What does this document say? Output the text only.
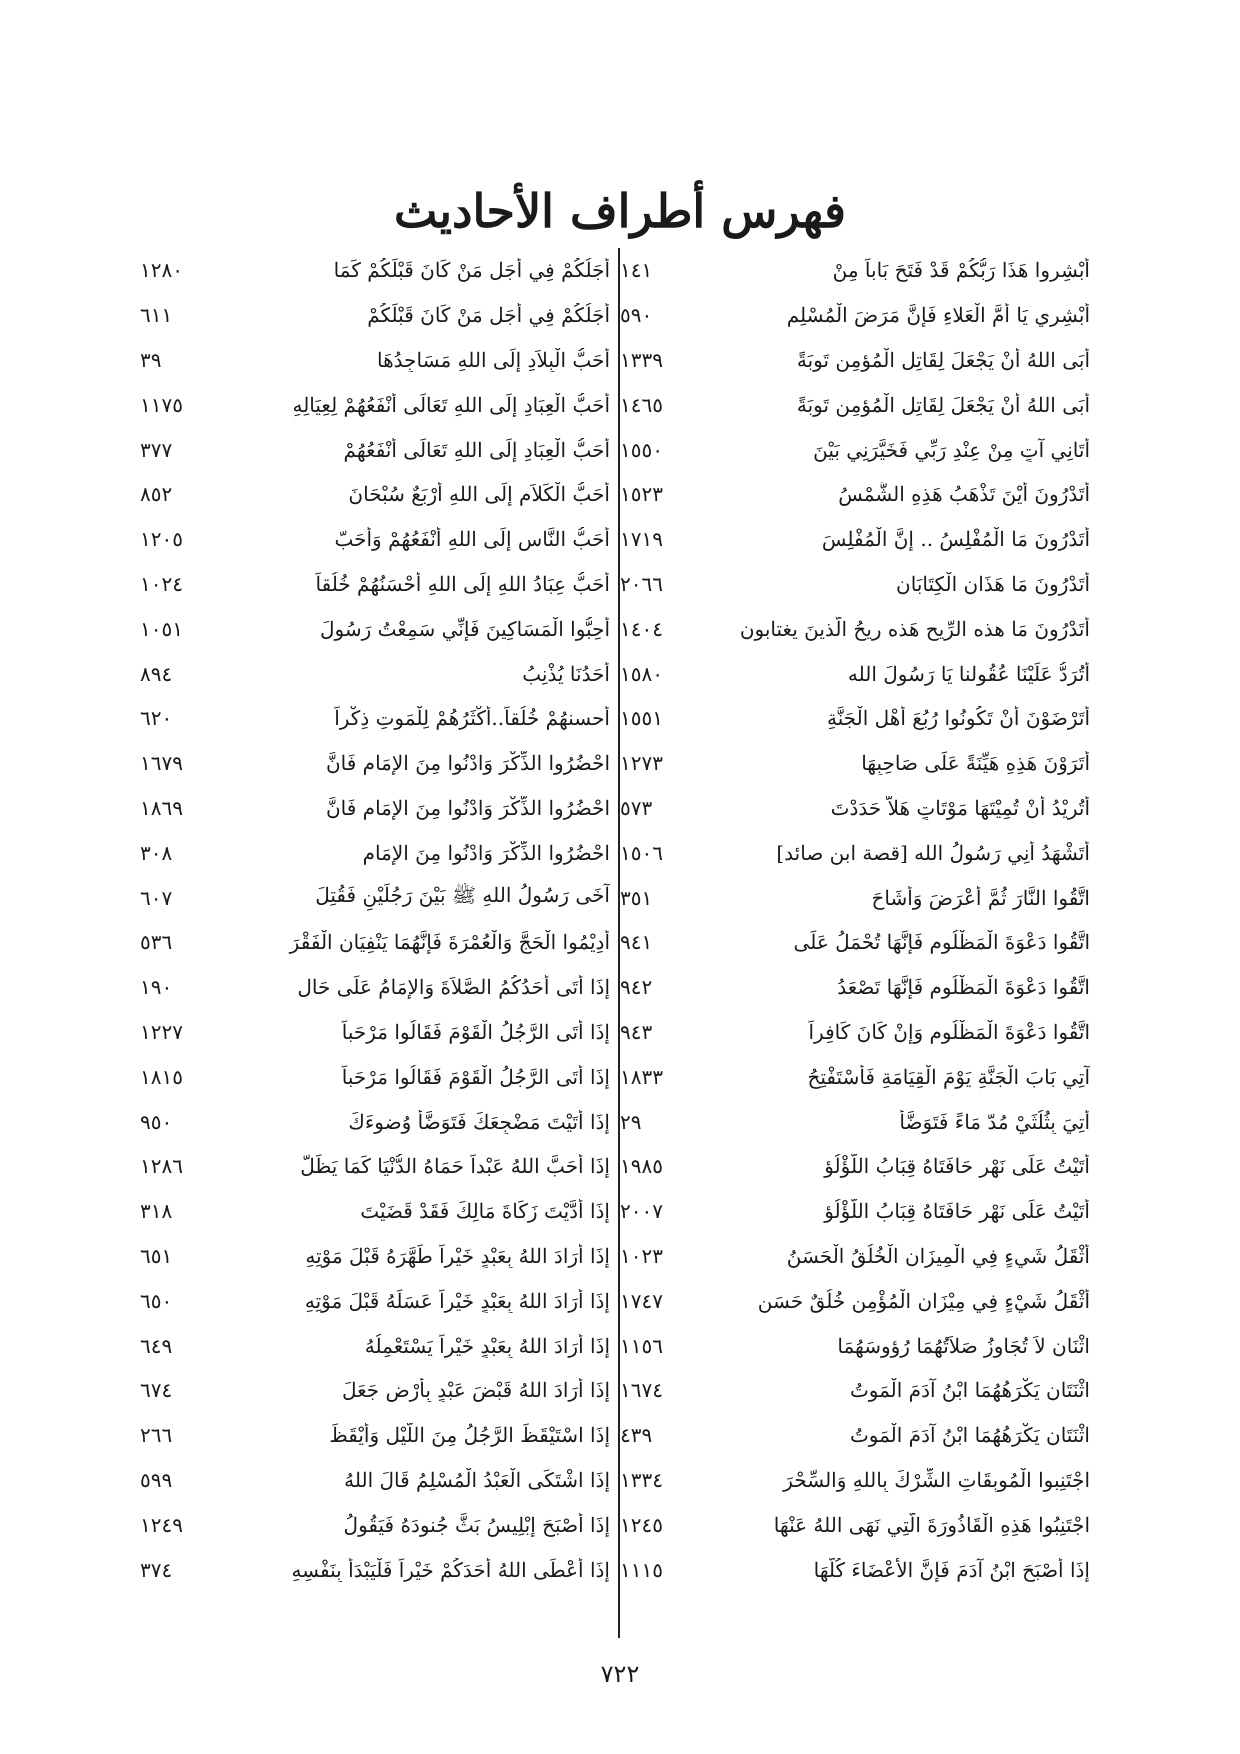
فهرس أطراف الأحاديث
أَبْشِروا هَذَا رَبُّكُمْ قَدْ فَتَحَ بَاباً مِنْ
١٤١
أَبْشِري يَا أُمَّ الْعَلاءِ فَإِنَّ مَرَضَ الْمُسْلِمِ
٥٩٠
أَبَى اللهُ أَنْ يَجْعَلَ لِقَاتِلِ الْمُؤمِنِ تَوبَةً
١٣٣٩
أَبَى اللهُ أَنْ يَجْعَلَ لِقَاتِلِ الْمُؤمِنِ تَوبَةً
١٤٦٥
أَتَانِي آتٍ مِنْ عِنْدِ رَبِّي فَخَيَّرَنِي بَيْنَ
١٥٥٠
أَتَدْرُونَ أَيْنَ تَذْهَبُ هَذِهِ الشَّمْسُ
١٥٢٣
أَتَدْرُونَ مَا الْمُفْلِسُ .. إِنَّ الْمُفْلِسَ
١٧١٩
أَتَدْرُونَ مَا هَذَانِ الْكِتَابَانِ
٢٠٦٦
أَتَدْرُونَ مَا هذه الرِّيح هَذه ريحُ الَّذينَ يغتابون
١٤٠٤
أَتُرَدُّ عَلَيْنَا عُقُولنا يَا رَسُولَ الله
١٥٨٠
أَتَرْضَوْنَ أَنْ تَكُونُوا رُبُعَ أَهْلِ الْجَنَّةِ
١٥٥١
أَتَرَوْنَ هَذِهِ هَيِّنَةً عَلَى صَاحِبِهَا
١٢٧٣
أَتُرِيْدُ أَنْ تُمِيْتَهَا مَوْتَاتٍ هَلاَّ حَدَدْتَ
٥٧٣
أَتَشْهَدُ أَنِي رَسُولُ الله [قصة ابن صائد]
١٥٠٦
اتَّقُوا النَّارَ ثُمَّ أَعْرَضَ وَأَشَاحَ
٣٥١
اتَّقُوا دَعْوَةَ الْمَظْلُومِ فَإِنَّهَا تُحْمَلُ عَلَى
٩٤١
اتَّقُوا دَعْوَةَ الْمَظْلُومِ فَإِنَّهَا تَصْعَدُ
٩٤٢
اتَّقُوا دَعْوَةَ الْمَظْلُومِ وَإِنْ كَانَ كَافِراً
٩٤٣
آتِي بَابَ الْجَنَّةِ يَوْمَ الْقِيَامَةِ فَأَسْتَفْتِحُ
١٨٣٣
أُتِيَ بِثُلُثَيْ مُدّ مَاءً فَتَوَضَّأَ
٢٩
أَتَيْتُ عَلَى نَهْرٍ حَافَتَاهُ قِبَابُ اللُّؤْلُؤِ
١٩٨٥
أَتَيْتُ عَلَى نَهْرٍ حَافَتَاهُ قِبَابُ اللُّؤْلُؤِ
٢٠٠٧
أَثْقَلُ شَيءٍ فِي الْمِيزَانِ الْخُلُقُ الْحَسَنُ
١٠٢٣
أَثْقَلُ شَيْءٍ فِي مِيْزَانِ الْمُؤْمِنِ خُلُقٌ حَسَن
١٧٤٧
اثْنَانِ لاَ تُجَاوِزُ صَلاَتُهُمَا رُؤوسَهُمَا
١١٥٦
اثْنَتَانِ يَكْرَهُهُمَا ابْنُ آدَمَ الْمَوتُ
١٦٧٤
اثْنَتَانِ يَكْرَهُهُمَا ابْنُ آدَمَ الْمَوتُ
٤٣٩
اجْتَنِبوا الْمُوبِقَاتِ الشِّرْكَ بِاللهِ وَالسِّحْرَ
١٣٣٤
اجْتَنِبُوا هَذِهِ الْقَاذُورَةَ الَّتِي نَهَى اللهُ عَنْهَا
١٢٤٥
إِذَا أَصْبَحَ ابْنُ آدَمَ فَإِنَّ الأَعْضَاءَ كُلَّهَا
١١١٥
أَجَلُكُمْ فِي أَجَلِ مَنْ كَانَ قَبْلَكُمْ كَمَا
١٢٨٠
أَجَلُكُمْ فِي أَجَلِ مَنْ كَانَ قَبْلَكُمْ
٦١١
أَحَبُّ الْبِلاَدِ إِلَى اللهِ مَسَاجِدُهَا
٣٩
أَحَبُّ الْعِبَادِ إِلَى اللهِ تَعَالَى أَنْفَعُهُمْ لِعِيَالِهِ
١١٧٥
أَحَبُّ الْعِبَادِ إِلَى اللهِ تَعَالَى أَنْفَعُهُمْ
٣٧٧
أَحَبُّ الْكَلاَمِ إِلَى اللهِ أَرْبَعٌ سُبْحَانَ
٨٥٢
أَحَبُّ النَّاسِ إِلَى اللهِ أَنْفَعُهُمْ وَأَحَبّ
١٢٠٥
أَحَبُّ عِبَادُ اللهِ إِلَى اللهِ أَحْسَنُهُمْ خُلُقاً
١٠٢٤
أَحِبُّوا الْمَسَاكِينَ فَإِنِّي سَمِعْتُ رَسُولَ
١٠٥١
أَحَدُنَا يُذْنِبُ
٨٩٤
أَحسنهُمْ خُلُقاً..أَكْثَرُهُمْ لِلْمَوتِ ذِكْراً
٦٢٠
احْضُرُوا الذِّكْرَ وَادْنُوا مِنَ الإِمَامِ فَانَّ
١٦٧٩
احْضُرُوا الذِّكْرَ وَادْنُوا مِنَ الإِمَامِ فَانَّ
١٨٦٩
احْضُرُوا الذِّكْرَ وَادْنُوا مِنَ الإِمَامِ
٣٠٨
آخَى رَسُولُ اللهِ ﷺ بَيْنَ رَجُلَيْنِ فَقُتِلَ
٦٠٧
أَدِيْمُوا الْحَجَّ وَالْعُمْرَةَ فَإِنَّهُمَا يَنْفِيَانِ الْفَقْرَ
٥٣٦
إِذَا أَتَى أَحَدُكُمُ الصَّلاَةَ وَالإِمَامُ عَلَى حَالٍ
١٩٠
إِذَا أَتَى الرَّجُلُ الْقَوْمَ فَقَالُوا مَرْحَباً
١٢٢٧
إِذَا أَتَى الرَّجُلُ الْقَوْمَ فَقَالُوا مَرْحَباً
١٨١٥
إِذَا أَتَيْتَ مَضْجِعَكَ فَتَوَضَّأْ وُضوءَكَ
٩٥٠
إِذَا أَحَبَّ اللهُ عَبْداً حَمَاهُ الدُّنْيَا كَمَا يَظَلُّ
١٢٨٦
إِذَا أَدَّيْتَ زَكَاةَ مَالِكَ فَقَدْ قَضَيْتَ
٣١٨
إِذَا أَرَادَ اللهُ بِعَبْدٍ خَيْراً طَهَّرَهُ قَبْلَ مَوْتِهِ
٦٥١
إِذَا أَرَادَ اللهُ بِعَبْدٍ خَيْراً عَسَلَهُ قَبْلَ مَوْتِهِ
٦٥٠
إِذَا أَرَادَ اللهُ بِعَبْدٍ خَيْراً يَسْتَعْمِلُهُ
٦٤٩
إِذَا أَرَادَ اللهُ قَبْضَ عَبْدٍ بِأَرْضٍ جَعَلَ
٦٧٤
إِذَا اسْتَيْقَظَ الرَّجُلُ مِنَ اللَّيْلِ وَأَيْقَظَ
٢٦٦
إِذَا اشْتَكَى الْعَبْدُ الْمُسْلِمُ قَالَ اللهُ
٥٩٩
إِذَا أَصْبَحَ إِبْلِيسُ بَثَّ جُنودَهُ فَيَقُولُ
١٢٤٩
إِذَا أَعْطَى اللهُ أَحَدَكُمْ خَيْراً فَلْيَبْدَأْ بِنَفْسِهِ
٣٧٤
٧٢٢
